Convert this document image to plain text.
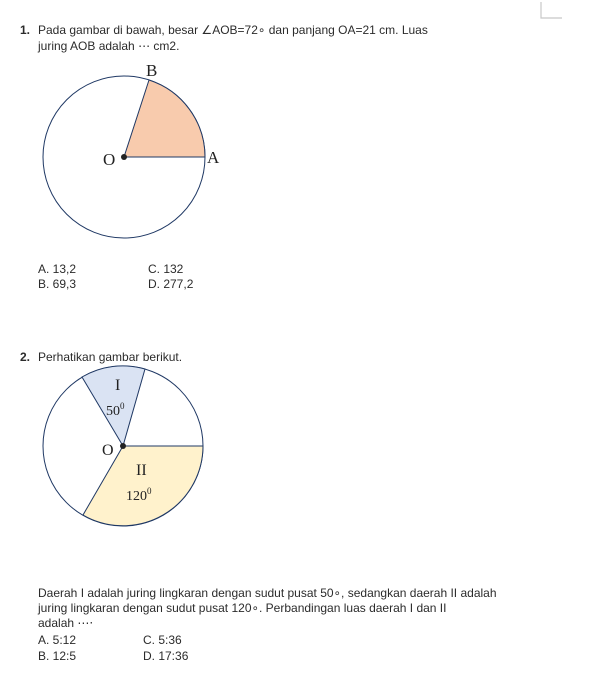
1. Pada gambar di bawah, besar ∠AOB=72∘ dan panjang OA=21 cm. Luas
juring AOB adalah ⋯ cm2.
B
O	A
A. 13,2
B. 69,3
C. 132
D. 277,2
2. Perhatikan gambar berikut.
I
$50^0$
O
II
$120^0$
Daerah I adalah juring lingkaran dengan sudut pusat 50∘, sedangkan daerah II adalah
juring lingkaran dengan sudut pusat 120∘. Perbandingan luas daerah I dan II
adalah ⋯⋅
A. 5:12
B. 12:5
C. 5:36
D. 17:36
